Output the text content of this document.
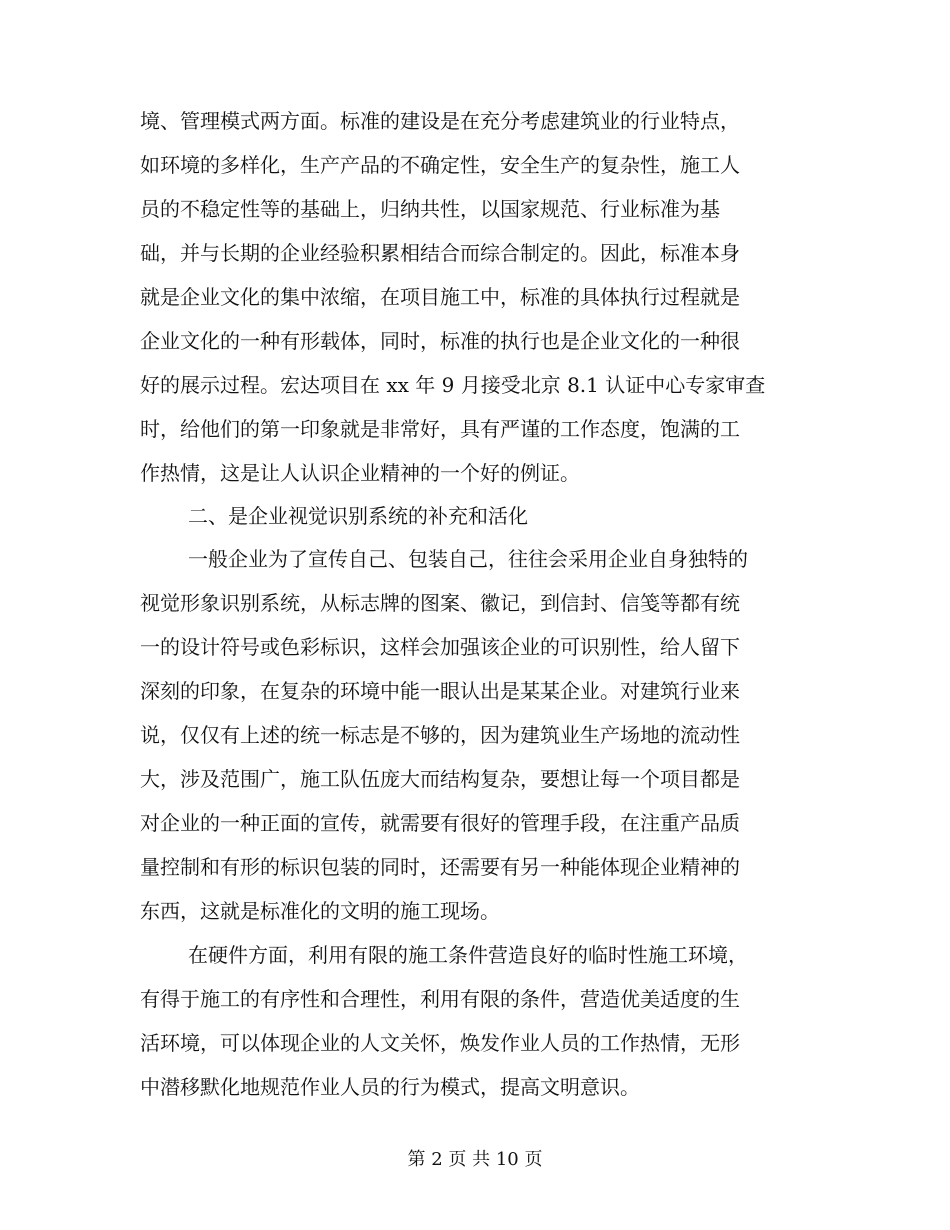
境、管理模式两方面。标准的建设是在充分考虑建筑业的行业特点，
如环境的多样化，生产产品的不确定性，安全生产的复杂性，施工人
员的不稳定性等的基础上，归纳共性，以国家规范、行业标准为基
础，并与长期的企业经验积累相结合而综合制定的。因此，标准本身
就是企业文化的集中浓缩，在项目施工中，标准的具体执行过程就是
企业文化的一种有形载体，同时，标准的执行也是企业文化的一种很
好的展示过程。宏达项目在 xx 年 9 月接受北京 8.1 认证中心专家审查
时，给他们的第一印象就是非常好，具有严谨的工作态度，饱满的工
作热情，这是让人认识企业精神的一个好的例证。
二、是企业视觉识别系统的补充和活化
一般企业为了宣传自己、包装自己，往往会采用企业自身独特的
视觉形象识别系统，从标志牌的图案、徽记，到信封、信笺等都有统
一的设计符号或色彩标识，这样会加强该企业的可识别性，给人留下
深刻的印象，在复杂的环境中能一眼认出是某某企业。对建筑行业来
说，仅仅有上述的统一标志是不够的，因为建筑业生产场地的流动性
大，涉及范围广，施工队伍庞大而结构复杂，要想让每一个项目都是
对企业的一种正面的宣传，就需要有很好的管理手段，在注重产品质
量控制和有形的标识包装的同时，还需要有另一种能体现企业精神的
东西，这就是标准化的文明的施工现场。
在硬件方面，利用有限的施工条件营造良好的临时性施工环境，
有得于施工的有序性和合理性，利用有限的条件，营造优美适度的生
活环境，可以体现企业的人文关怀，焕发作业人员的工作热情，无形
中潜移默化地规范作业人员的行为模式，提高文明意识。
第 2 页 共 10 页
